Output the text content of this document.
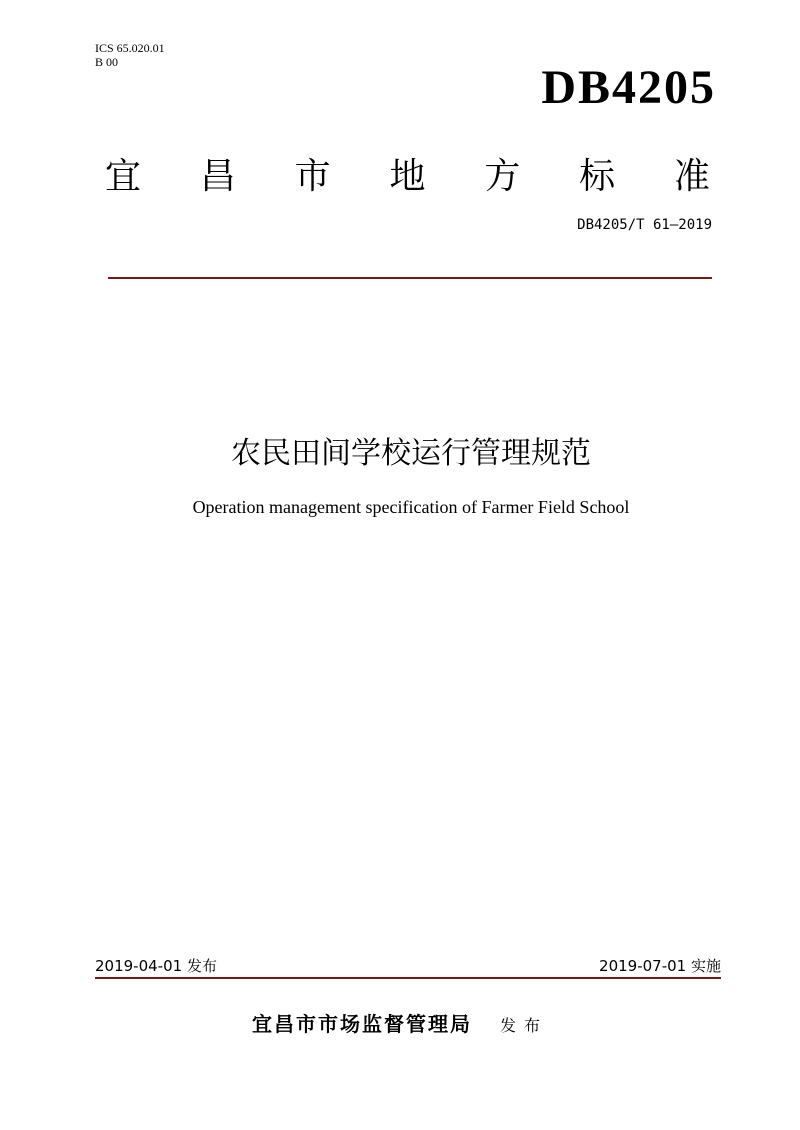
ICS 65.020.01
B 00	DB4205
宜 昌 市 地 方 标 准
DB4205/T 61—2019
农民田间学校运行管理规范
Operation management specification of Farmer Field School
2019-04-01 发布	2019-07-01 实施
宜昌市市场监督管理局 发布
